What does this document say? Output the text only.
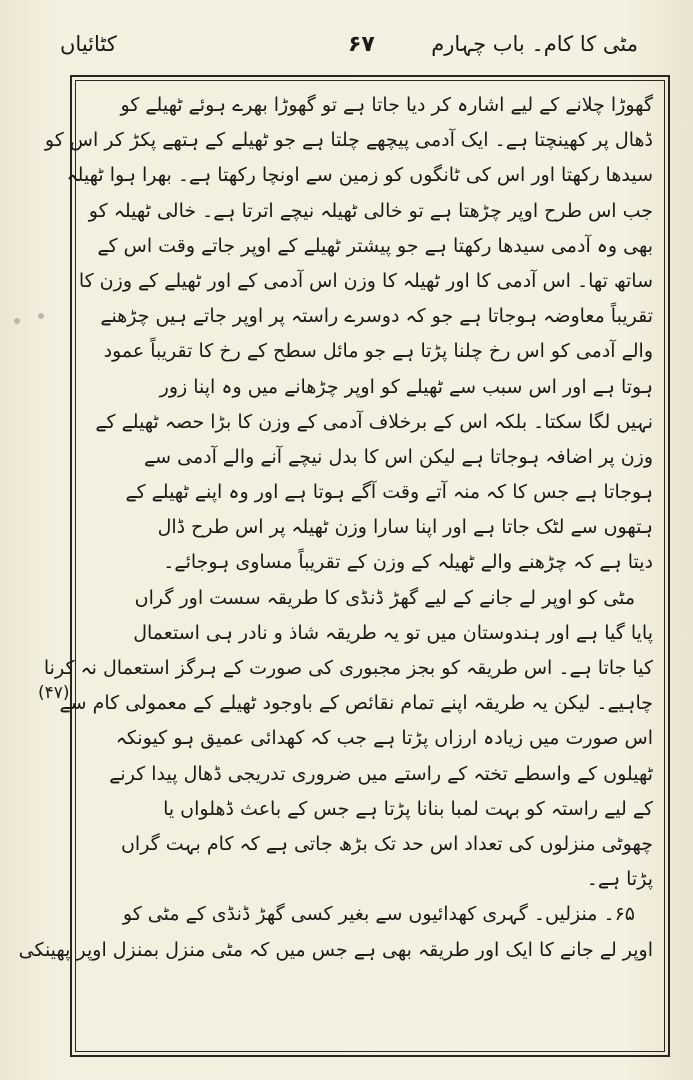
مٹی کا کام۔ باب چہارم
۶۷
کٹائیاں
گھوڑا چلانے کے لیے اشارہ کر دیا جاتا ہے تو گھوڑا بھرے ہوئے ٹھیلے کو
ڈھال پر کھینچتا ہے۔ ایک آدمی پیچھے چلتا ہے جو ٹھیلے کے ہتھے پکڑ کر اس کو
سیدھا رکھتا اور اس کی ٹانگوں کو زمین سے اونچا رکھتا ہے۔ بھرا ہوا ٹھیلہ
جب اس طرح اوپر چڑھتا ہے تو خالی ٹھیلہ نیچے اترتا ہے۔ خالی ٹھیلہ کو
بھی وہ آدمی سیدھا رکھتا ہے جو پیشتر ٹھیلے کے اوپر جاتے وقت اس کے
ساتھ تھا۔ اس آدمی کا اور ٹھیلہ کا وزن اس آدمی کے اور ٹھیلے کے وزن کا
تقریباً معاوضہ ہوجاتا ہے جو کہ دوسرے راستہ پر اوپر جاتے ہیں چڑھنے
والے آدمی کو اس رخ چلنا پڑتا ہے جو مائل سطح کے رخ کا تقریباً عمود
ہوتا ہے اور اس سبب سے ٹھیلے کو اوپر چڑھانے میں وہ اپنا زور
نہیں لگا سکتا۔ بلکہ اس کے برخلاف آدمی کے وزن کا بڑا حصہ ٹھیلے کے
وزن پر اضافہ ہوجاتا ہے لیکن اس کا بدل نیچے آنے والے آدمی سے
ہوجاتا ہے جس کا کہ منہ آتے وقت آگے ہوتا ہے اور وہ اپنے ٹھیلے کے
ہتھوں سے لٹک جاتا ہے اور اپنا سارا وزن ٹھیلہ پر اس طرح ڈال
دیتا ہے کہ چڑھنے والے ٹھیلہ کے وزن کے تقریباً مساوی ہوجائے۔
مٹی کو اوپر لے جانے کے لیے گھڑ ڈنڈی کا طریقہ سست اور گراں
پایا گیا ہے اور ہندوستان میں تو یہ طریقہ شاذ و نادر ہی استعمال
کیا جاتا ہے۔ اس طریقہ کو بجز مجبوری کی صورت کے ہرگز استعمال نہ کرنا
چاہیے۔ لیکن یہ طریقہ اپنے تمام نقائص کے باوجود ٹھیلے کے معمولی کام سے
اس صورت میں زیادہ ارزاں پڑتا ہے جب کہ کھدائی عمیق ہو کیونکہ
ٹھیلوں کے واسطے تختہ کے راستے میں ضروری تدریجی ڈھال پیدا کرنے
کے لیے راستہ کو بہت لمبا بنانا پڑتا ہے جس کے باعث ڈھلواں یا
چھوٹی منزلوں کی تعداد اس حد تک بڑھ جاتی ہے کہ کام بہت گراں
پڑتا ہے۔
۶۵۔ منزلیں۔ گہری کھدائیوں سے بغیر کسی گھڑ ڈنڈی کے مٹی کو
اوپر لے جانے کا ایک اور طریقہ بھی ہے جس میں کہ مٹی منزل بمنزل اوپر پھینکی
(۴۷)
